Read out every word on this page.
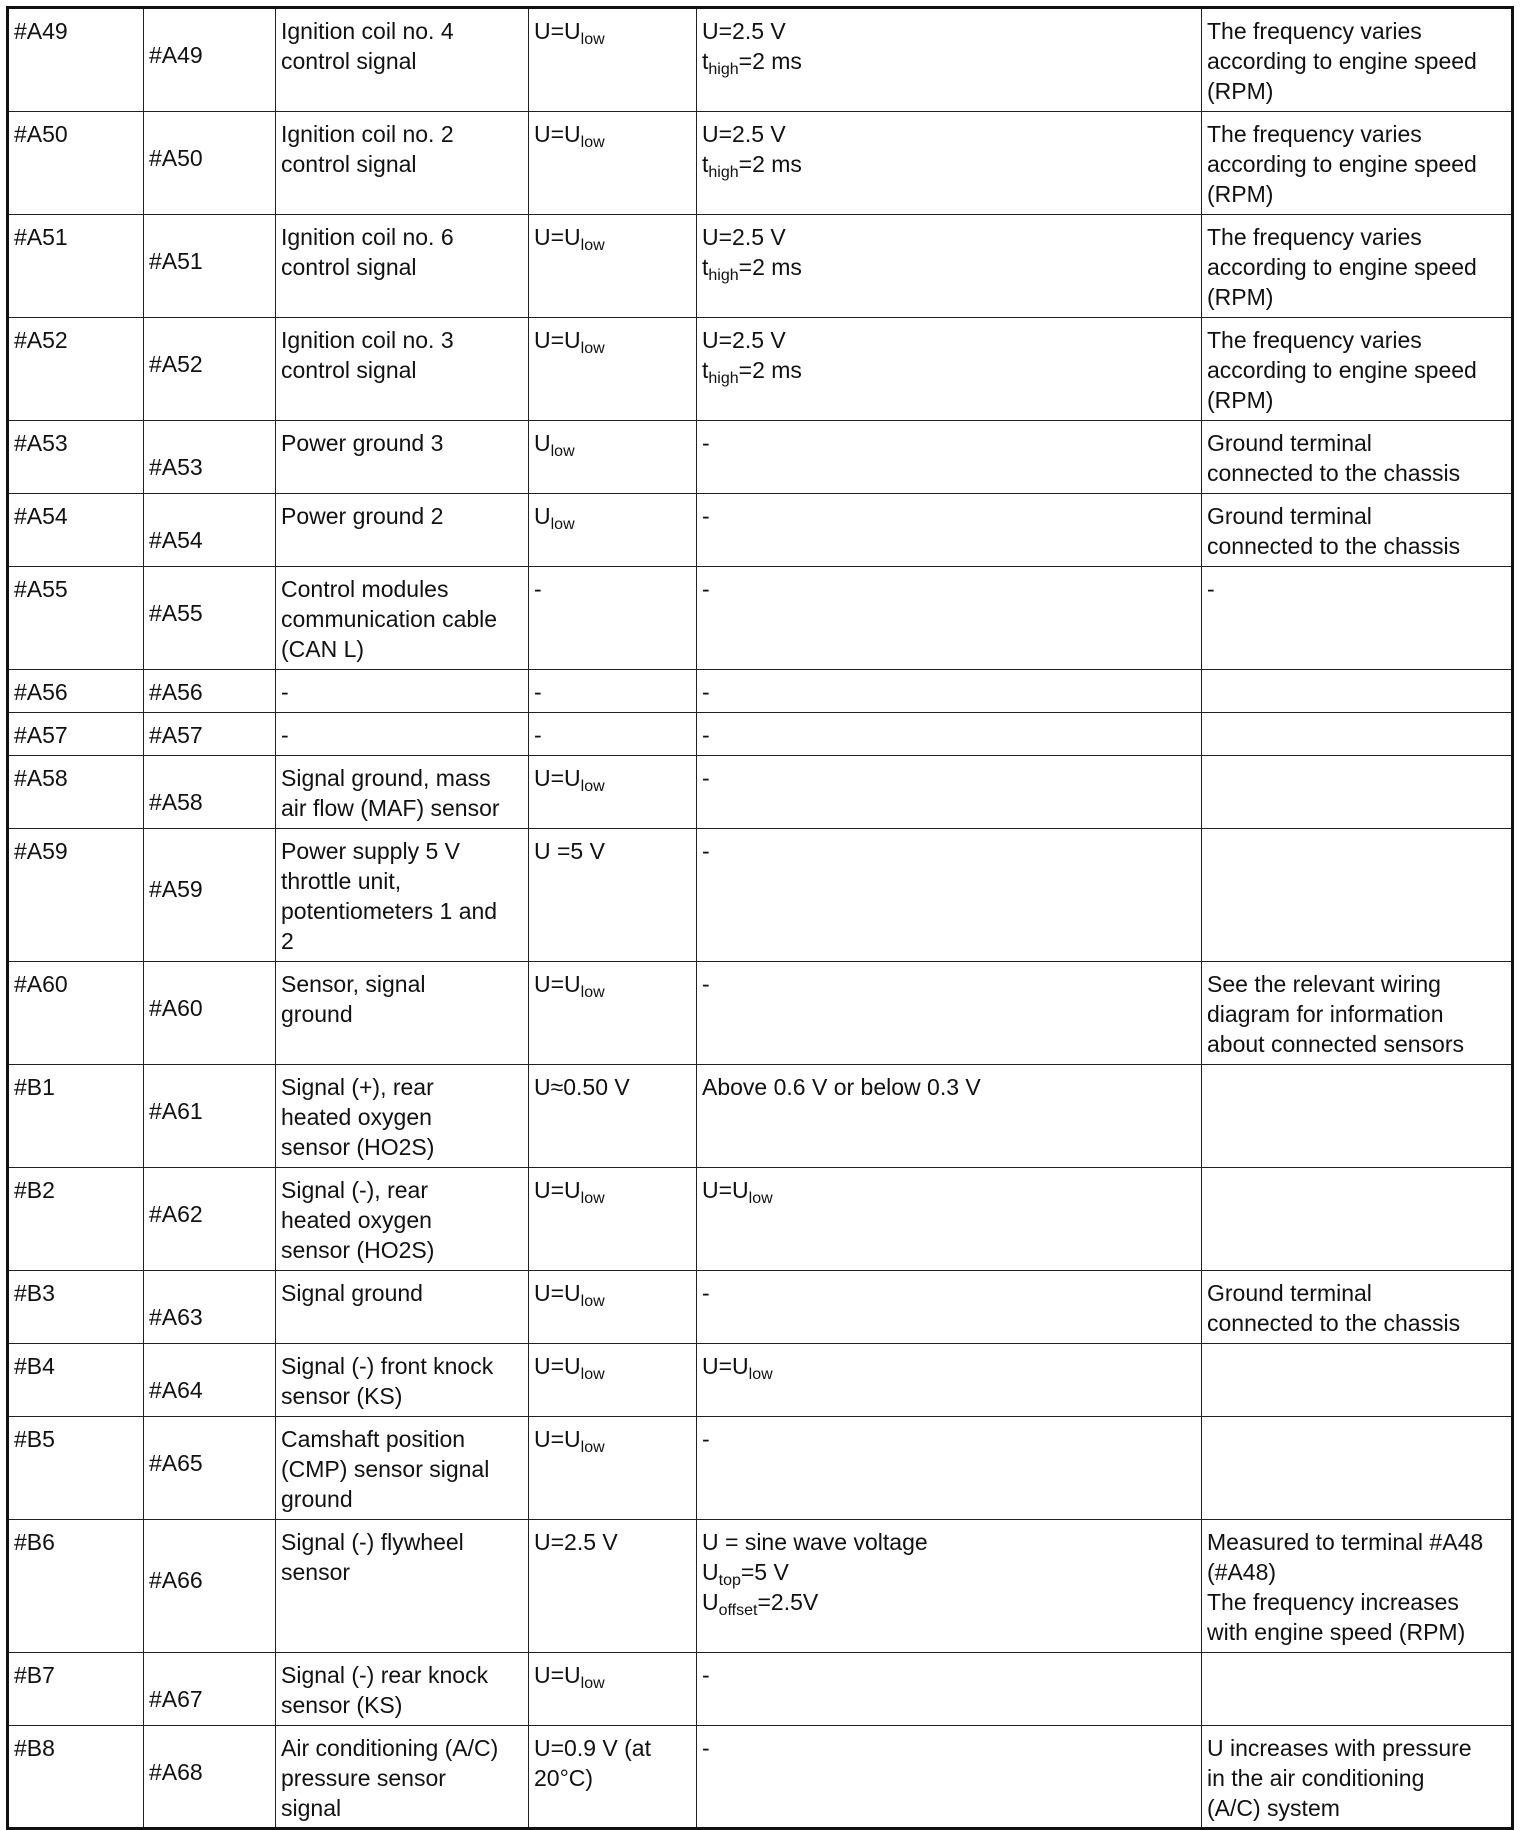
#A49	#A49	Ignition coil no. 4
control signal	$U=U_{low}$	U=2.5 V
$t_{high}=2$ ms	The frequency varies
according to engine speed
(RPM)

#A50	#A50	Ignition coil no. 2
control signal	$U=U_{low}$	U=2.5 V
$t_{high}=2$ ms	The frequency varies
according to engine speed
(RPM)

#A51	#A51	Ignition coil no. 6
control signal	$U=U_{low}$	U=2.5 V
$t_{high}=2$ ms	The frequency varies
according to engine speed
(RPM)

#A52	#A52	Ignition coil no. 3
control signal	$U=U_{low}$	U=2.5 V
$t_{high}=2$ ms	The frequency varies
according to engine speed
(RPM)

#A53	#A53	Power ground 3	$U_{low}$	-	Ground terminal
connected to the chassis

#A54	#A54	Power ground 2	$U_{low}$	-	Ground terminal
connected to the chassis

#A55	#A55	Control modules
communication cable
(CAN L)	-	-	-

#A56	#A56	-	-	-	

#A57	#A57	-	-	-	

#A58	#A58	Signal ground, mass
air flow (MAF) sensor	$U=U_{low}$	-	

#A59	#A59	Power supply 5 V
throttle unit,
potentiometers 1 and
2	U =5 V	-	

#A60	#A60	Sensor, signal
ground	$U=U_{low}$	-	See the relevant wiring
diagram for information
about connected sensors

#B1	#A61	Signal (+), rear
heated oxygen
sensor (HO2S)	U≈0.50 V	Above 0.6 V or below 0.3 V	

#B2	#A62	Signal (-), rear
heated oxygen
sensor (HO2S)	$U=U_{low}$	$U=U_{low}$

#B3	#A63	Signal ground	$U=U_{low}$	-	Ground terminal
connected to the chassis

#B4	#A64	Signal (-) front knock
sensor (KS)	$U=U_{low}$	$U=U_{low}$

#B5	#A65	Camshaft position
(CMP) sensor signal
ground	$U=U_{low}$	-	

#B6	#A66	Signal (-) flywheel
sensor	U=2.5 V	U = sine wave voltage
$U_{top}=5$ V
$U_{offset}=2.5V$	Measured to terminal #A48
(#A48)
The frequency increases
with engine speed (RPM)

#B7	#A67	Signal (-) rear knock
sensor (KS)	$U=U_{low}$	-	

#B8	#A68	Air conditioning (A/C)
pressure sensor
signal	U=0.9 V (at
20°C)	-	U increases with pressure
in the air conditioning
(A/C) system
